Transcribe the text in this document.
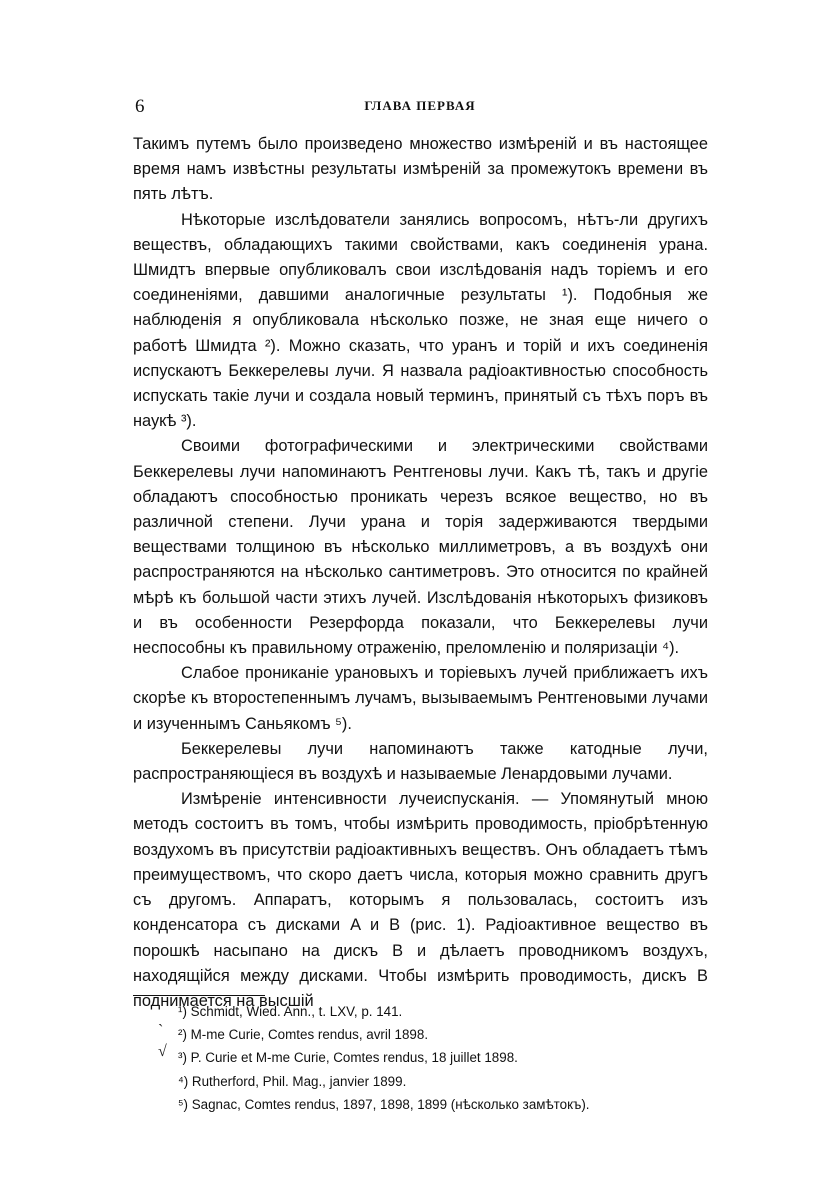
6	ГЛАВА ПЕРВАЯ

Такимъ путемъ было произведено множество измѣреній и въ настоящее время намъ извѣстны результаты измѣреній за промежутокъ времени въ пять лѣтъ.

Нѣкоторые изслѣдователи занялись вопросомъ, нѣтъ-ли другихъ веществъ, обладающихъ такими свойствами, какъ соединенія урана. Шмидтъ впервые опубликовалъ свои изслѣдованія надъ торіемъ и его соединеніями, давшими аналогичные результаты ¹). Подобныя же наблюденія я опубликовала нѣсколько позже, не зная еще ничего о работѣ Шмидта ²). Можно сказать, что уранъ и торій и ихъ соединенія испускаютъ Беккерелевы лучи. Я назвала радіоактивностью способность испускать такіе лучи и создала новый терминъ, принятый съ тѣхъ поръ въ наукѣ ³).

Своими фотографическими и электрическими свойствами Беккерелевы лучи напоминаютъ Рентгеновы лучи. Какъ тѣ, такъ и другіе обладаютъ способностью проникать черезъ всякое вещество, но въ различной степени. Лучи урана и торія задерживаются твердыми веществами толщиною въ нѣсколько миллиметровъ, а въ воздухѣ они распространяются на нѣсколько сантиметровъ. Это относится по крайней мѣрѣ къ большой части этихъ лучей. Изслѣдованія нѣкоторыхъ физиковъ и въ особенности Резерфорда показали, что Беккерелевы лучи неспособны къ правильному отраженію, преломленію и поляризаціи ⁴).

Слабое прониканіе урановыхъ и торіевыхъ лучей приближаетъ ихъ скорѣе къ второстепеннымъ лучамъ, вызываемымъ Рентгеновыми лучами и изученнымъ Саньякомъ ⁵).

Беккерелевы лучи напоминаютъ также катодные лучи, распространяющіеся въ воздухѣ и называемые Ленардовыми лучами.

Измѣреніе интенсивности лучеиспусканія. — Упомянутый мною методъ состоитъ въ томъ, чтобы измѣрить проводимость, пріобрѣтенную воздухомъ въ присутствіи радіоактивныхъ веществъ. Онъ обладаетъ тѣмъ преимуществомъ, что скоро даетъ числа, которыя можно сравнить другъ съ другомъ. Аппаратъ, которымъ я пользовалась, состоитъ изъ конденсатора съ дисками A и B (рис. 1). Радіоактивное вещество въ порошкѣ насыпано на дискъ B и дѣлаетъ проводникомъ воздухъ, находящійся между дисками. Чтобы измѣрить проводимость, дискъ B поднимается на высшій

ˋ
√
¹) Schmidt, Wied. Ann., t. LXV, p. 141.
²) M-me Curie, Comtes rendus, avril 1898.
³) P. Curie et M-me Curie, Comtes rendus, 18 juillet 1898.
⁴) Rutherford, Phil. Mag., janvier 1899.
⁵) Sagnac, Comtes rendus, 1897, 1898, 1899 (нѣсколько замѣтокъ).
